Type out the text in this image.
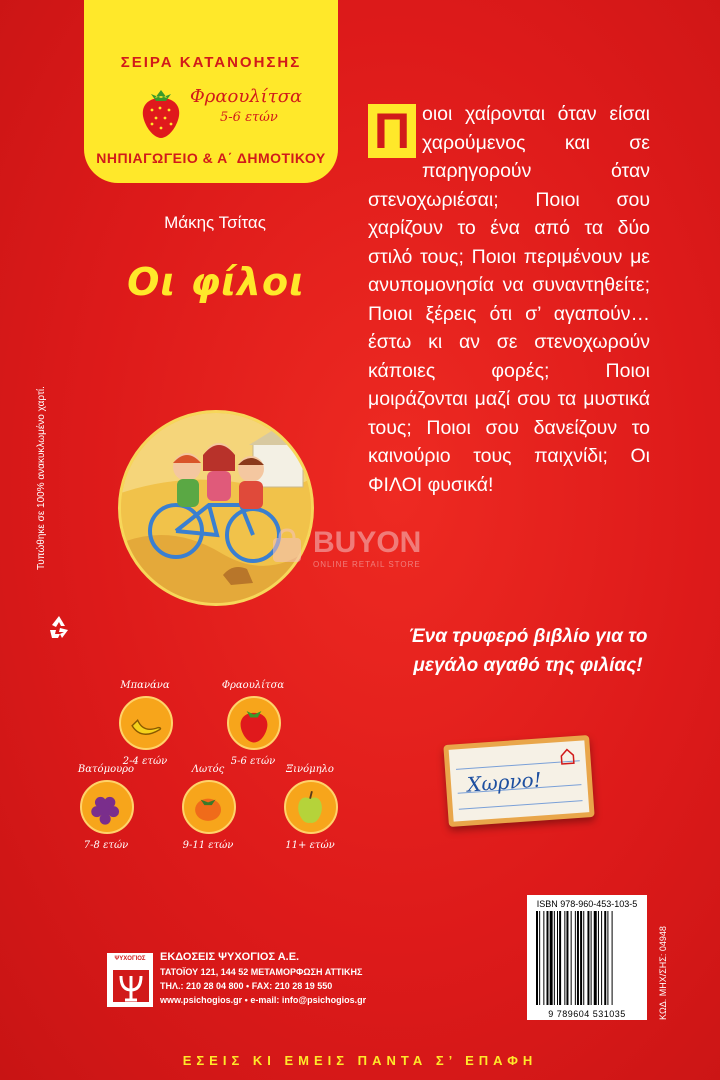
ΣΕΙΡΑ ΚΑΤΑΝΟΗΣΗΣ
Φραουλίτσα
5-6 ετών
ΝΗΠΙΑΓΩΓΕΙΟ & Α΄ ΔΗΜΟΤΙΚΟΥ
Μάκης Τσίτας
Οι φίλοι
Τυπώθηκε σε 100% ανακυκλωμένο χαρτί.
Μπανάνα
2-4 ετών
Φραουλίτσα
5-6 ετών
Βατόμουρο
7-8 ετών
Λωτός
9-11 ετών
Ξινόμηλο
11+ ετών
Π οιοι χαίρονται όταν είσαι χαρούμενος και σε παρηγορούν όταν στενοχωριέσαι; Ποιοι σου χαρίζουν το ένα από τα δύο στιλό τους; Ποιοι περιμένουν με ανυπομονησία να συναντηθείτε; Ποιοι ξέρεις ότι σ’ αγαπούν… έστω κι αν σε στενοχωρούν κάποιες φορές; Ποιοι μοιράζονται μαζί σου τα μυστικά τους; Ποιοι σου δανείζουν το καινούριο τους παιχνίδι; Οι ΦΙΛΟΙ φυσικά!
Ένα τρυφερό βιβλίο για το μεγάλο αγαθό της φιλίας!
Χωρνο!
ΨΥΧΟΓΙΟΣ	ΕΚΔΟΣΕΙΣ ΨΥΧΟΓΙΟΣ Α.Ε.
ΤΑΤΟΪΟΥ 121, 144 52 ΜΕΤΑΜΟΡΦΩΣΗ ΑΤΤΙΚΗΣ
ΤΗΛ.: 210 28 04 800 • FAX: 210 28 19 550
www.psichogios.gr • e-mail: info@psichogios.gr
ISBN 978-960-453-103-5
9 789604 531035	ΚΩΔ. ΜΗΧ/ΣΗΣ: 04948
BUYON
ONLINE RETAIL STORE
ΕΣΕΙΣ ΚΙ ΕΜΕΙΣ ΠΑΝΤΑ Σ’ ΕΠΑΦΗ
